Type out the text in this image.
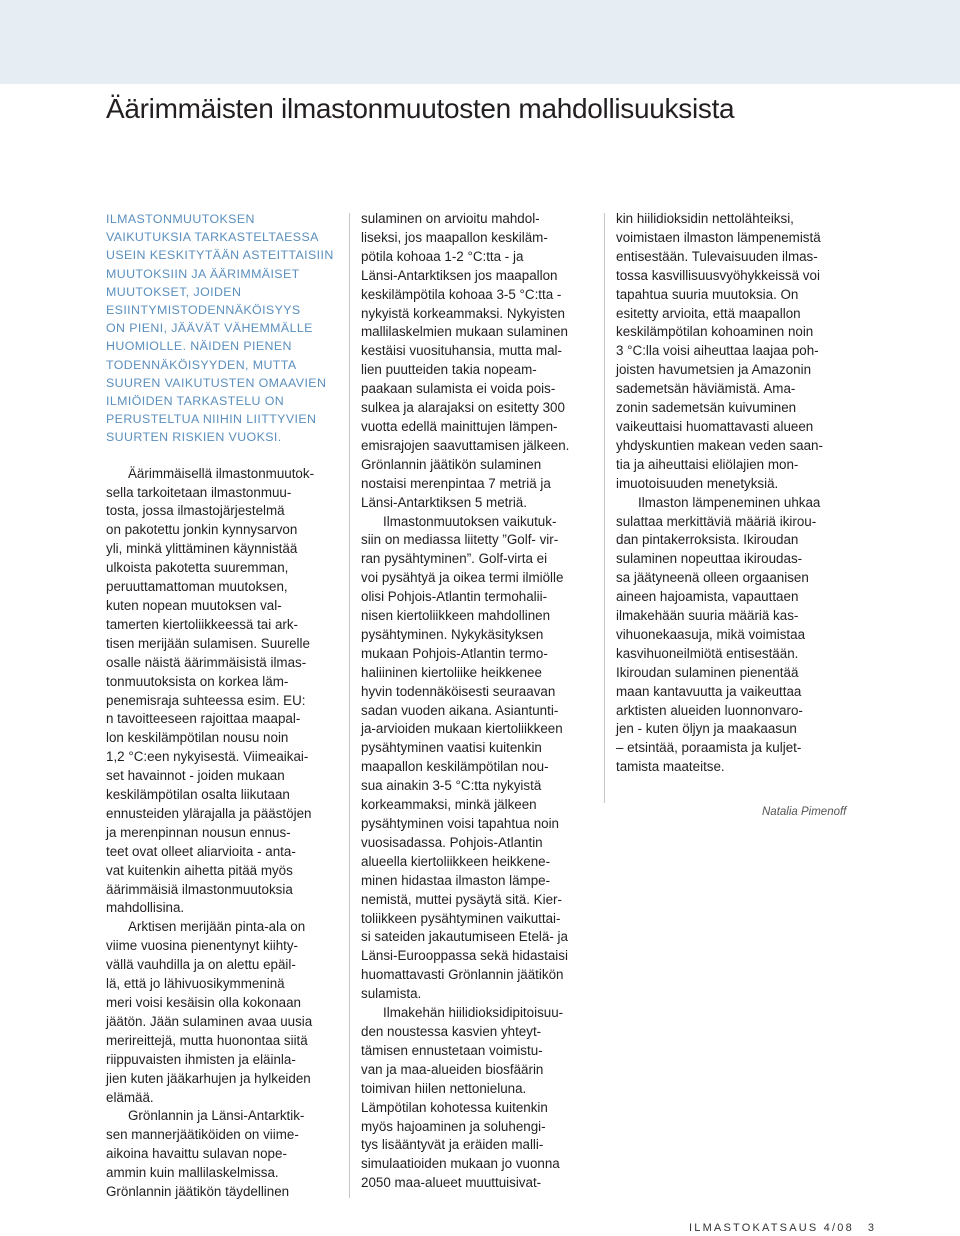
Äärimmäisten ilmastonmuutosten mahdollisuuksista

ILMASTONMUUTOKSEN
VAIKUTUKSIA TARKASTELTAESSA
USEIN KESKITYTÄÄN ASTEITTAISIIN
MUUTOKSIIN JA ÄÄRIMMÄISET
MUUTOKSET, JOIDEN
ESIINTYMISTODENNÄKÖISYYS
ON PIENI, JÄÄVÄT VÄHEMMÄLLE
HUOMIOLLE. NÄIDEN PIENEN
TODENNÄKÖISYYDEN, MUTTA
SUUREN VAIKUTUSTEN OMAAVIEN
ILMIÖIDEN TARKASTELU ON
PERUSTELTUA NIIHIN LIITTYVIEN
SUURTEN RISKIEN VUOKSI.

Äärimmäisellä ilmastonmuutok-
sella tarkoitetaan ilmastonmuu-
tosta, jossa ilmastojärjestelmä
on pakotettu jonkin kynnysarvon
yli, minkä ylittäminen käynnistää
ulkoista pakotetta suuremman,
peruuttamattoman muutoksen,
kuten nopean muutoksen val-
tamerten kiertoliikkeessä tai ark-
tisen merijään sulamisen. Suurelle
osalle näistä äärimmäisistä ilmas-
tonmuutoksista on korkea läm-
penemisraja suhteessa esim. EU:
n tavoitteeseen rajoittaa maapal-
lon keskilämpötilan nousu noin
1,2 °C:een nykyisestä. Viimeaikai-
set havainnot - joiden mukaan
keskilämpötilan osalta liikutaan
ennusteiden ylärajalla ja päästöjen
ja merenpinnan nousun ennus-
teet ovat olleet aliarvioita - anta-
vat kuitenkin aihetta pitää myös
äärimmäisiä ilmastonmuutoksia
mahdollisina.

Arktisen merijään pinta-ala on
viime vuosina pienentynyt kiihty-
vällä vauhdilla ja on alettu epäil-
lä, että jo lähivuosikymmeninä
meri voisi kesäisin olla kokonaan
jäätön. Jään sulaminen avaa uusia
merireittejä, mutta huonontaa siitä
riippuvaisten ihmisten ja eläinla-
jien kuten jääkarhujen ja hylkeiden
elämää.

Grönlannin ja Länsi-Antarktik-
sen mannerjäätiköiden on viime-
aikoina havaittu sulavan nope-
ammin kuin mallilaskelmissa.
Grönlannin jäätikön täydellinen

sulaminen on arvioitu mahdol-
liseksi, jos maapallon keskiläm-
pötila kohoaa 1-2 °C:tta - ja
Länsi-Antarktiksen jos maapallon
keskilämpötila kohoaa 3-5 °C:tta -
nykyistä korkeammaksi. Nykyisten
mallilaskelmien mukaan sulaminen
kestäisi vuosituhansia, mutta mal-
lien puutteiden takia nopeam-
paakaan sulamista ei voida pois-
sulkea ja alarajaksi on esitetty 300
vuotta edellä mainittujen lämpen-
emisrajojen saavuttamisen jälkeen.
Grönlannin jäätikön sulaminen
nostaisi merenpintaa 7 metriä ja
Länsi-Antarktiksen 5 metriä.

Ilmastonmuutoksen vaikutuk-
siin on mediassa liitetty ”Golf- vir-
ran pysähtyminen”. Golf-virta ei
voi pysähtyä ja oikea termi ilmiölle
olisi Pohjois-Atlantin termohalii-
nisen kiertoliikkeen mahdollinen
pysähtyminen. Nykykäsityksen
mukaan Pohjois-Atlantin termo-
haliininen kiertoliike heikkenee
hyvin todennäköisesti seuraavan
sadan vuoden aikana. Asiantunti-
ja-arvioiden mukaan kiertoliikkeen
pysähtyminen vaatisi kuitenkin
maapallon keskilämpötilan nou-
sua ainakin 3-5 °C:tta nykyistä
korkeammaksi, minkä jälkeen
pysähtyminen voisi tapahtua noin
vuosisadassa. Pohjois-Atlantin
alueella kiertoliikkeen heikkene-
minen hidastaa ilmaston lämpe-
nemistä, muttei pysäytä sitä. Kier-
toliikkeen pysähtyminen vaikuttai-
si sateiden jakautumiseen Etelä- ja
Länsi-Eurooppassa sekä hidastaisi
huomattavasti Grönlannin jäätikön
sulamista.

Ilmakehän hiilidioksidipitoisuu-
den noustessa kasvien yhteyt-
tämisen ennustetaan voimistu-
van ja maa-alueiden biosfäärin
toimivan hiilen nettonieluna.
Lämpötilan kohotessa kuitenkin
myös hajoaminen ja soluhengi-
tys lisääntyvät ja eräiden malli-
simulaatioiden mukaan jo vuonna
2050 maa-alueet muuttuisivat-

kin hiilidioksidin nettolähteiksi,
voimistaen ilmaston lämpenemistä
entisestään. Tulevaisuuden ilmas-
tossa kasvillisuusvyöhykkeissä voi
tapahtua suuria muutoksia. On
esitetty arvioita, että maapallon
keskilämpötilan kohoaminen noin
3 °C:lla voisi aiheuttaa laajaa poh-
joisten havumetsien ja Amazonin
sademetsän häviämistä. Ama-
zonin sademetsän kuivuminen
vaikeuttaisi huomattavasti alueen
yhdyskuntien makean veden saan-
tia ja aiheuttaisi eliölajien mon-
imuotoisuuden menetyksiä.

Ilmaston lämpeneminen uhkaa
sulattaa merkittäviä määriä ikirou-
dan pintakerroksista. Ikiroudan
sulaminen nopeuttaa ikiroudas-
sa jäätyneenä olleen orgaanisen
aineen hajoamista, vapauttaen
ilmakehään suuria määriä kas-
vihuonekaasuja, mikä voimistaa
kasvihuoneilmiötä entisestään.
Ikiroudan sulaminen pienentää
maan kantavuutta ja vaikeuttaa
arktisten alueiden luonnonvaro-
jen - kuten öljyn ja maakaasun
– etsintää, poraamista ja kuljet-
tamista maateitse.

Natalia Pimenoff
ILMASTOKATSAUS 4/08 3
